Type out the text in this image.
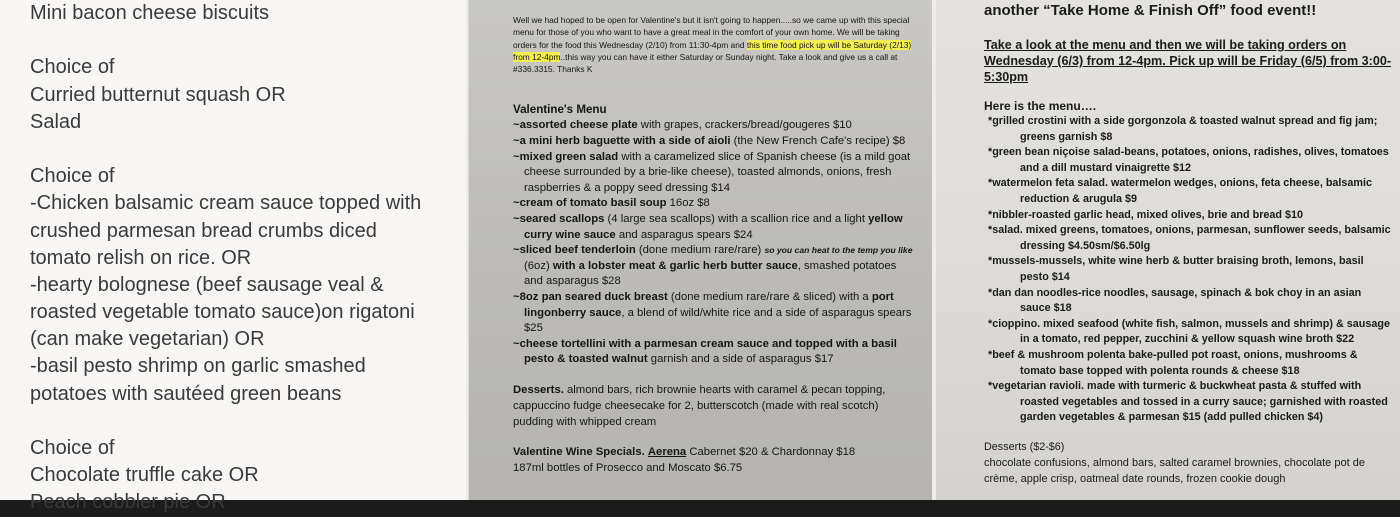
Mini bacon cheese biscuits
Choice of
Curried butternut squash OR
Salad
Choice of
-Chicken balsamic cream sauce topped with
crushed parmesan bread crumbs diced
tomato relish on rice. OR
-hearty bolognese (beef sausage veal &
roasted vegetable tomato sauce)on rigatoni
(can make vegetarian) OR
-basil pesto shrimp on garlic smashed
potatoes with sautéed green beans
Choice of
Chocolate truffle cake OR
Peach cobbler pie OR
Well we had hoped to be open for Valentine's but it isn't going to happen.....so we came up with this special menu for those of you who want to have a great meal in the comfort of your own home. We will be taking orders for the food this Wednesday (2/10) from 11:30-4pm and this time food pick up will be Saturday (2/13) from 12-4pm..this way you can have it either Saturday or Sunday night. Take a look and give us a call at #336.3315. Thanks K
Valentine's Menu
~assorted cheese plate with grapes, crackers/bread/gougeres $10
~a mini herb baguette with a side of aioli (the New French Cafe's recipe) $8
~mixed green salad with a caramelized slice of Spanish cheese (is a mild goat cheese surrounded by a brie-like cheese), toasted almonds, onions, fresh raspberries & a poppy seed dressing $14
~cream of tomato basil soup 16oz $8
~seared scallops (4 large sea scallops) with a scallion rice and a light yellow curry wine sauce and asparagus spears $24
~sliced beef tenderloin (done medium rare/rare) so you can heat to the temp you like (6oz) with a lobster meat & garlic herb butter sauce, smashed potatoes and asparagus $28
~8oz pan seared duck breast (done medium rare/rare & sliced) with a port lingonberry sauce, a blend of wild/white rice and a side of asparagus spears $25
~cheese tortellini with a parmesan cream sauce and topped with a basil pesto & toasted walnut garnish and a side of asparagus $17
Desserts. almond bars, rich brownie hearts with caramel & pecan topping, cappuccino fudge cheesecake for 2, butterscotch (made with real scotch) pudding with whipped cream
Valentine Wine Specials. Aerena Cabernet $20 & Chardonnay $18
187ml bottles of Prosecco and Moscato $6.75
another “Take Home & Finish Off” food event!!
Take a look at the menu and then we will be taking orders on Wednesday (6/3) from 12-4pm. Pick up will be Friday (6/5) from 3:00-5:30pm
Here is the menu….
*grilled crostini with a side gorgonzola & toasted walnut spread and fig jam; greens garnish $8
*green bean niçoise salad-beans, potatoes, onions, radishes, olives, tomatoes and a dill mustard vinaigrette $12
*watermelon feta salad. watermelon wedges, onions, feta cheese, balsamic reduction & arugula $9
*nibbler-roasted garlic head, mixed olives, brie and bread $10
*salad. mixed greens, tomatoes, onions, parmesan, sunflower seeds, balsamic dressing $4.50sm/$6.50lg
*mussels-mussels, white wine herb & butter braising broth, lemons, basil pesto $14
*dan dan noodles-rice noodles, sausage, spinach & bok choy in an asian sauce $18
*cioppino. mixed seafood (white fish, salmon, mussels and shrimp) & sausage in a tomato, red pepper, zucchini & yellow squash wine broth $22
*beef & mushroom polenta bake-pulled pot roast, onions, mushrooms & tomato base topped with polenta rounds & cheese $18
*vegetarian ravioli. made with turmeric & buckwheat pasta & stuffed with roasted vegetables and tossed in a curry sauce; garnished with roasted garden vegetables & parmesan $15 (add pulled chicken $4)
Desserts ($2-$6)
chocolate confusions, almond bars, salted caramel brownies, chocolate pot de crème, apple crisp, oatmeal date rounds, frozen cookie dough
Wine Special-a two pack of Lapis Luna Red Blend & Chardonnay for $26
